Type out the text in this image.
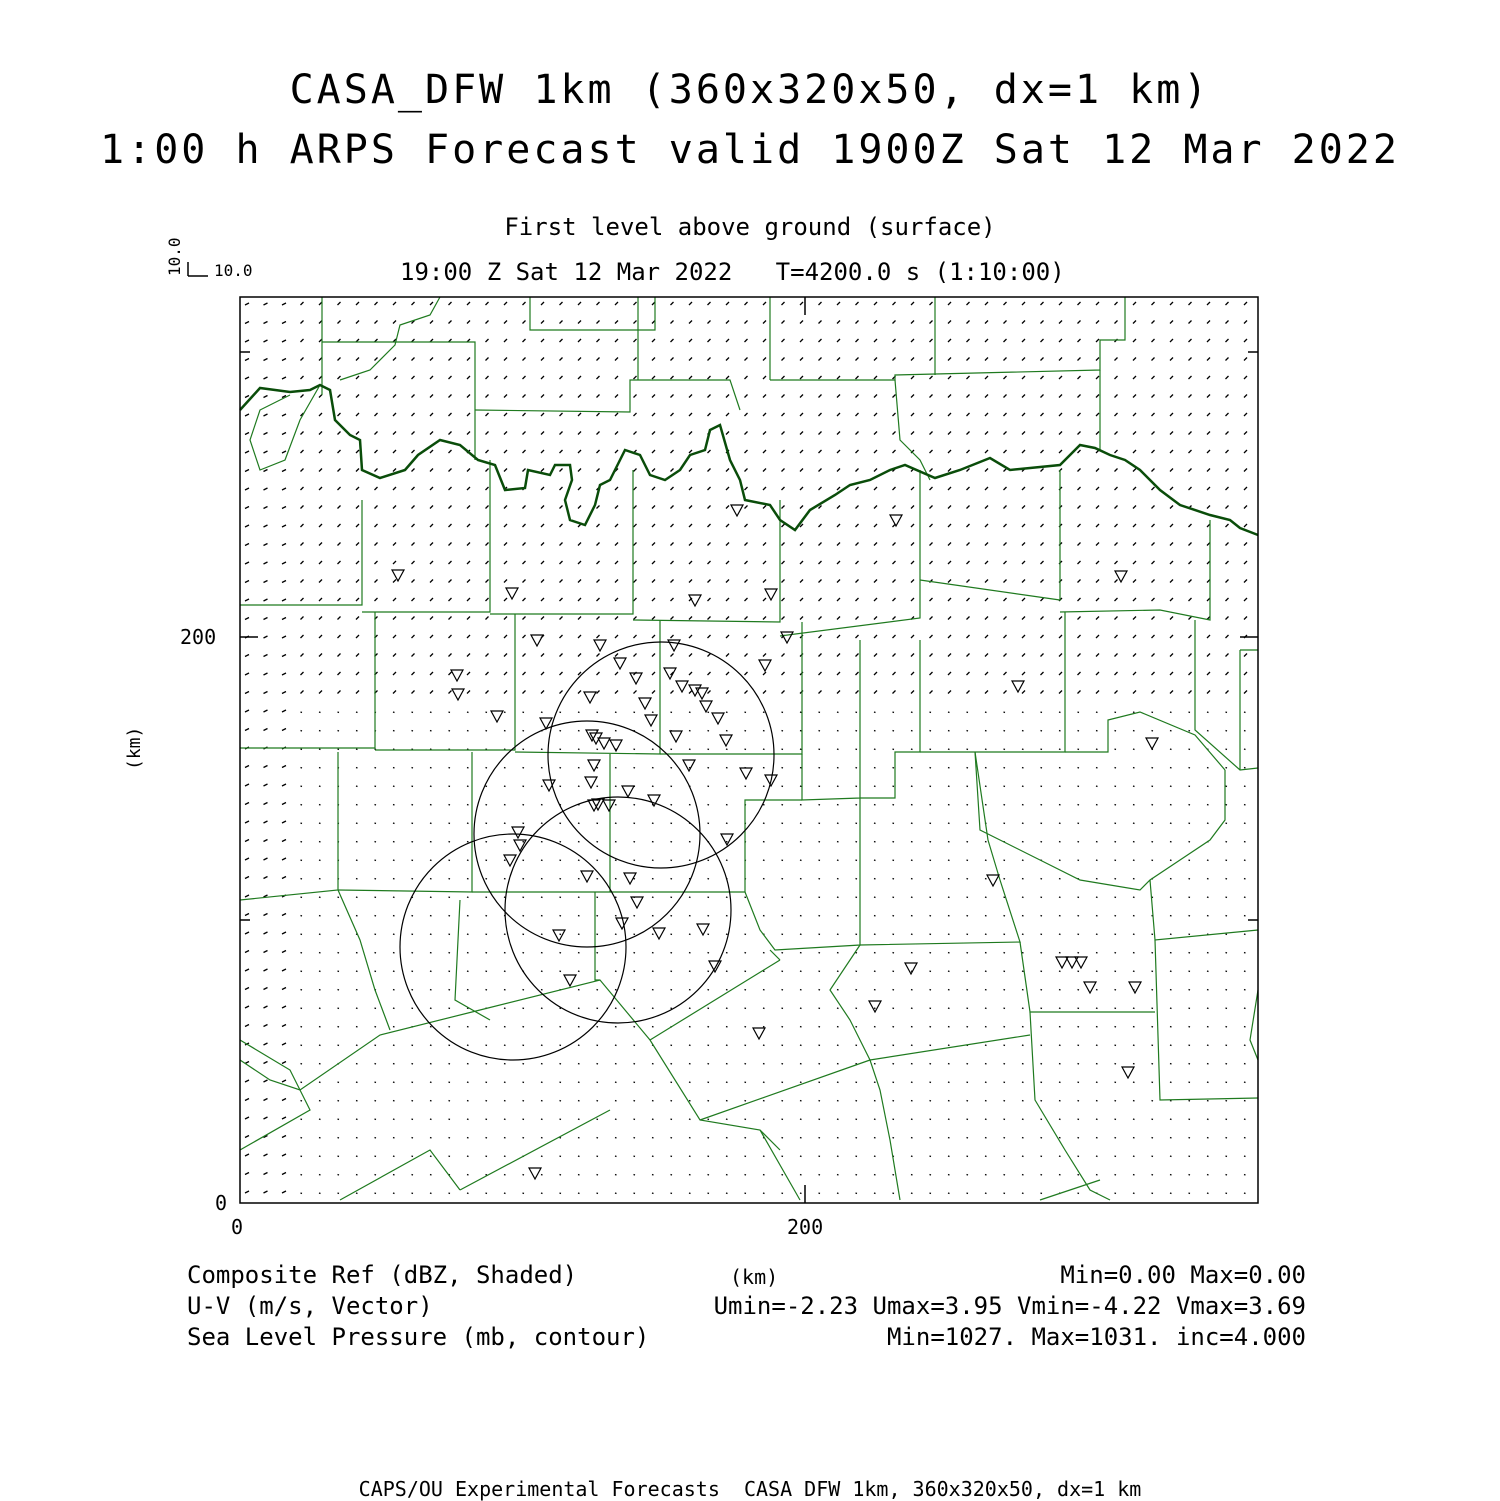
CASA_DFW 1km (360x320x50, dx=1 km)
1:00 h ARPS Forecast valid 1900Z Sat 12 Mar 2022
First level above ground (surface)
19:00 Z Sat 12 Mar 2022   T=4200.0 s (1:10:00)
10.0 10.0
0
200
0	200
(km)
(km)
Composite Ref (dBZ, Shaded)	Min=0.00 Max=0.00
U-V (m/s, Vector)	Umin=-2.23 Umax=3.95 Vmin=-4.22 Vmax=3.69
Sea Level Pressure (mb, contour)	Min=1027. Max=1031. inc=4.000
CAPS/OU Experimental Forecasts  CASA DFW 1km, 360x320x50, dx=1 km
